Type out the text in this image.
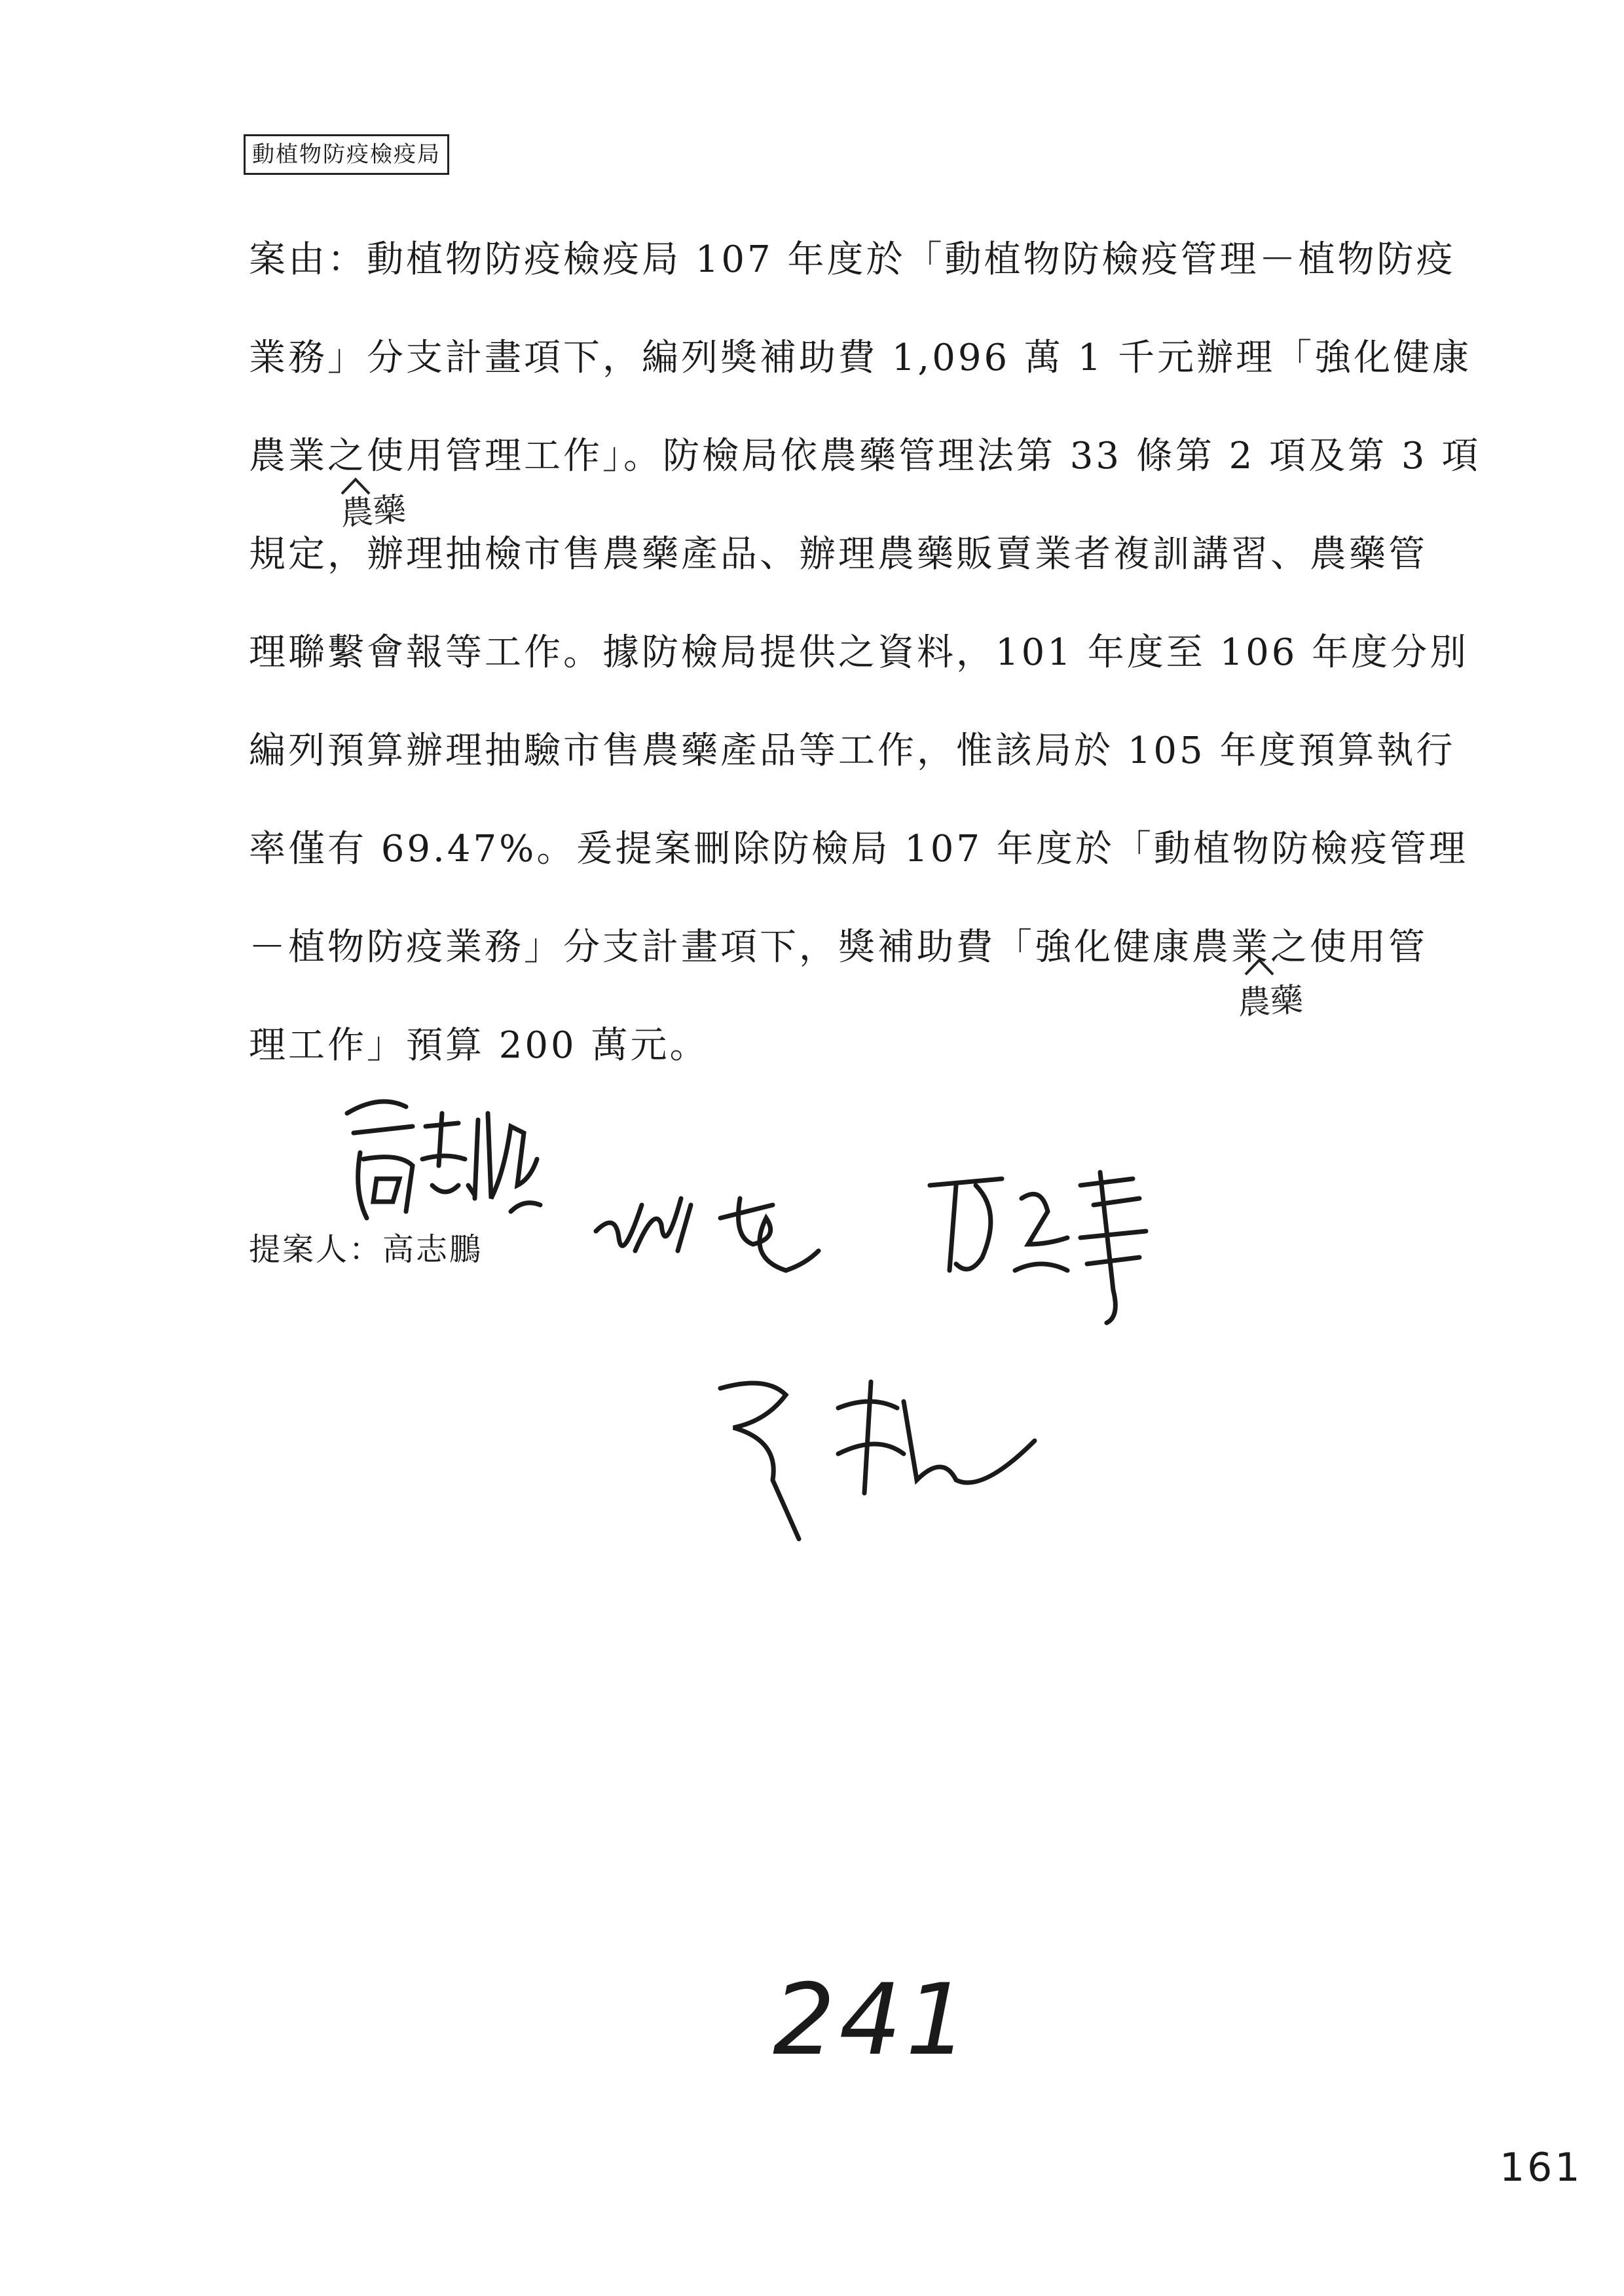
動植物防疫檢疫局
案由：動植物防疫檢疫局 107 年度於「動植物防檢疫管理－植物防疫
業務」分支計畫項下，編列獎補助費 1,096 萬 1 千元辦理「強化健康
農業之使用管理工作」。防檢局依農藥管理法第 33 條第 2 項及第 3 項
農藥
規定，辦理抽檢市售農藥產品、辦理農藥販賣業者複訓講習、農藥管
理聯繫會報等工作。據防檢局提供之資料，101 年度至 106 年度分別
編列預算辦理抽驗市售農藥產品等工作，惟該局於 105 年度預算執行
率僅有 69.47%。爰提案刪除防檢局 107 年度於「動植物防檢疫管理
－植物防疫業務」分支計畫項下，獎補助費「強化健康農業之使用管
農藥
理工作」預算 200 萬元。
提案人：高志鵬
241
161
